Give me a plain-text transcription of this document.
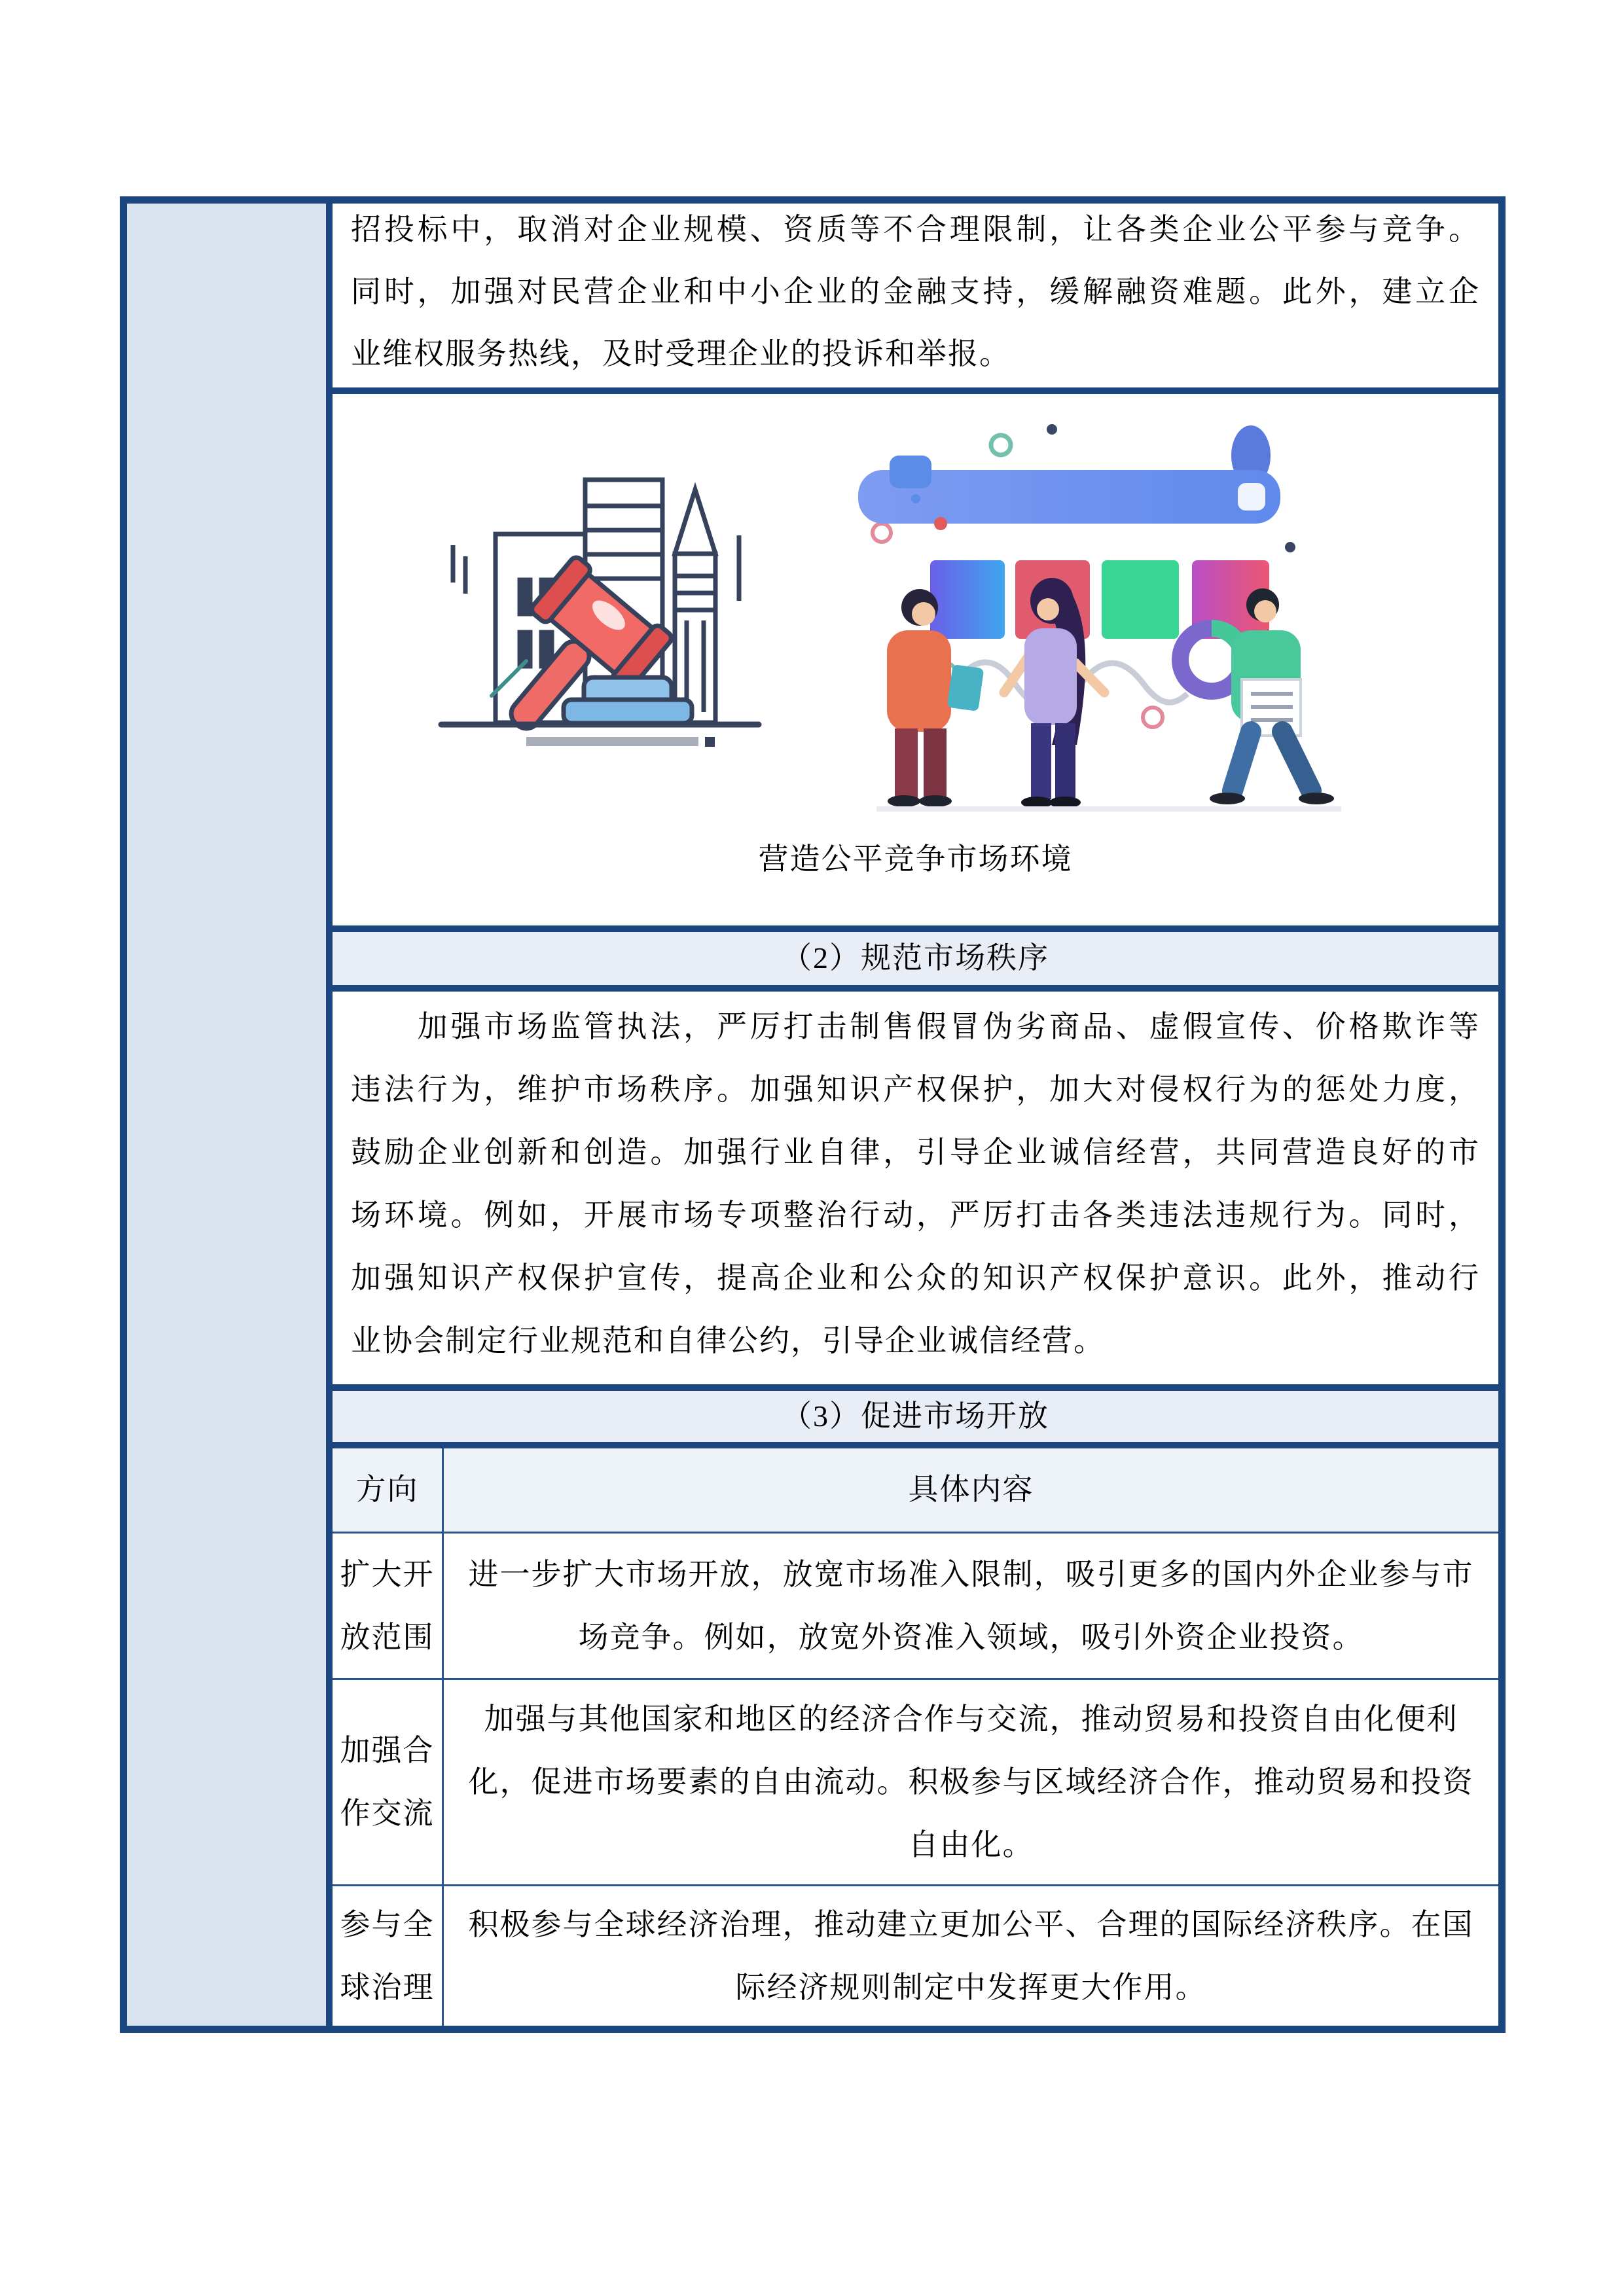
招投标中，取消对企业规模、资质等不合理限制，让各类企业公平参与竞争。
同时，加强对民营企业和中小企业的金融支持，缓解融资难题。此外，建立企
业维权服务热线，及时受理企业的投诉和举报。
营造公平竞争市场环境
（2）规范市场秩序
　　加强市场监管执法，严厉打击制售假冒伪劣商品、虚假宣传、价格欺诈等
违法行为，维护市场秩序。加强知识产权保护，加大对侵权行为的惩处力度，
鼓励企业创新和创造。加强行业自律，引导企业诚信经营，共同营造良好的市
场环境。例如，开展市场专项整治行动，严厉打击各类违法违规行为。同时，
加强知识产权保护宣传，提高企业和公众的知识产权保护意识。此外，推动行
业协会制定行业规范和自律公约，引导企业诚信经营。
（3）促进市场开放
方向	具体内容
扩大开
放范围
进一步扩大市场开放，放宽市场准入限制，吸引更多的国内外企业参与市
场竞争。例如，放宽外资准入领域，吸引外资企业投资。
加强合
作交流
加强与其他国家和地区的经济合作与交流，推动贸易和投资自由化便利
化，促进市场要素的自由流动。积极参与区域经济合作，推动贸易和投资
自由化。
参与全
球治理
积极参与全球经济治理，推动建立更加公平、合理的国际经济秩序。在国
际经济规则制定中发挥更大作用。
